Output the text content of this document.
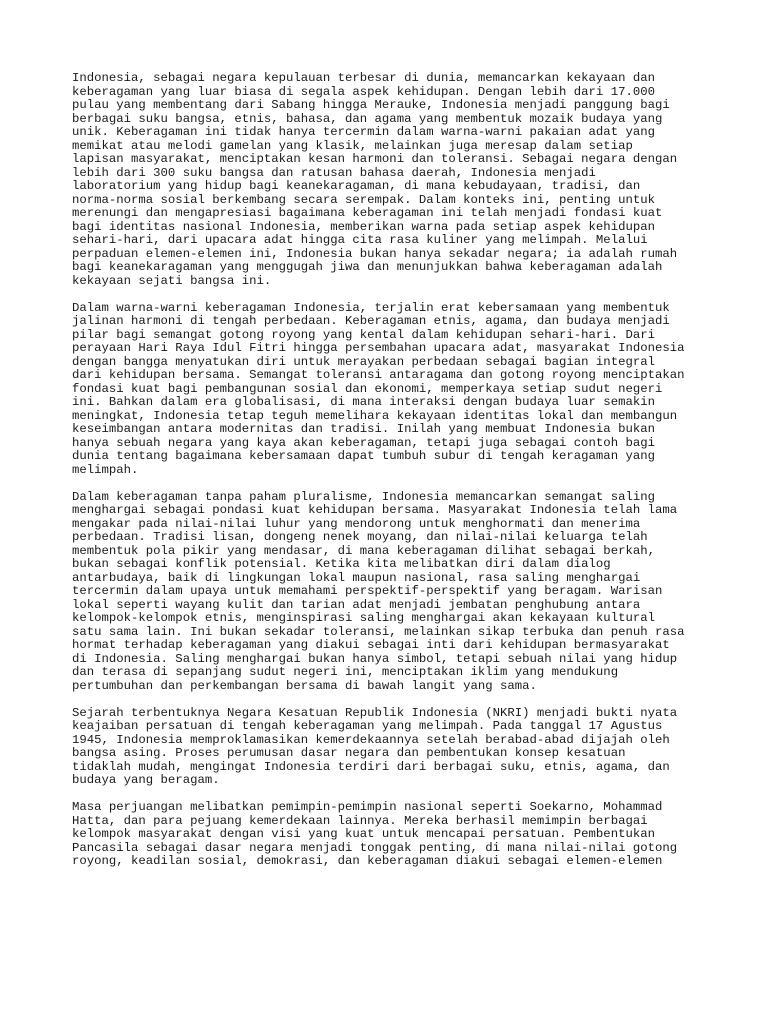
Indonesia, sebagai negara kepulauan terbesar di dunia, memancarkan kekayaan dan
keberagaman yang luar biasa di segala aspek kehidupan. Dengan lebih dari 17.000
pulau yang membentang dari Sabang hingga Merauke, Indonesia menjadi panggung bagi
berbagai suku bangsa, etnis, bahasa, dan agama yang membentuk mozaik budaya yang
unik. Keberagaman ini tidak hanya tercermin dalam warna-warni pakaian adat yang
memikat atau melodi gamelan yang klasik, melainkan juga meresap dalam setiap
lapisan masyarakat, menciptakan kesan harmoni dan toleransi. Sebagai negara dengan
lebih dari 300 suku bangsa dan ratusan bahasa daerah, Indonesia menjadi
laboratorium yang hidup bagi keanekaragaman, di mana kebudayaan, tradisi, dan
norma-norma sosial berkembang secara serempak. Dalam konteks ini, penting untuk
merenungi dan mengapresiasi bagaimana keberagaman ini telah menjadi fondasi kuat
bagi identitas nasional Indonesia, memberikan warna pada setiap aspek kehidupan
sehari-hari, dari upacara adat hingga cita rasa kuliner yang melimpah. Melalui
perpaduan elemen-elemen ini, Indonesia bukan hanya sekadar negara; ia adalah rumah
bagi keanekaragaman yang menggugah jiwa dan menunjukkan bahwa keberagaman adalah
kekayaan sejati bangsa ini.
Dalam warna-warni keberagaman Indonesia, terjalin erat kebersamaan yang membentuk
jalinan harmoni di tengah perbedaan. Keberagaman etnis, agama, dan budaya menjadi
pilar bagi semangat gotong royong yang kental dalam kehidupan sehari-hari. Dari
perayaan Hari Raya Idul Fitri hingga persembahan upacara adat, masyarakat Indonesia
dengan bangga menyatukan diri untuk merayakan perbedaan sebagai bagian integral
dari kehidupan bersama. Semangat toleransi antaragama dan gotong royong menciptakan
fondasi kuat bagi pembangunan sosial dan ekonomi, memperkaya setiap sudut negeri
ini. Bahkan dalam era globalisasi, di mana interaksi dengan budaya luar semakin
meningkat, Indonesia tetap teguh memelihara kekayaan identitas lokal dan membangun
keseimbangan antara modernitas dan tradisi. Inilah yang membuat Indonesia bukan
hanya sebuah negara yang kaya akan keberagaman, tetapi juga sebagai contoh bagi
dunia tentang bagaimana kebersamaan dapat tumbuh subur di tengah keragaman yang
melimpah.
Dalam keberagaman tanpa paham pluralisme, Indonesia memancarkan semangat saling
menghargai sebagai pondasi kuat kehidupan bersama. Masyarakat Indonesia telah lama
mengakar pada nilai-nilai luhur yang mendorong untuk menghormati dan menerima
perbedaan. Tradisi lisan, dongeng nenek moyang, dan nilai-nilai keluarga telah
membentuk pola pikir yang mendasar, di mana keberagaman dilihat sebagai berkah,
bukan sebagai konflik potensial. Ketika kita melibatkan diri dalam dialog
antarbudaya, baik di lingkungan lokal maupun nasional, rasa saling menghargai
tercermin dalam upaya untuk memahami perspektif-perspektif yang beragam. Warisan
lokal seperti wayang kulit dan tarian adat menjadi jembatan penghubung antara
kelompok-kelompok etnis, menginspirasi saling menghargai akan kekayaan kultural
satu sama lain. Ini bukan sekadar toleransi, melainkan sikap terbuka dan penuh rasa
hormat terhadap keberagaman yang diakui sebagai inti dari kehidupan bermasyarakat
di Indonesia. Saling menghargai bukan hanya simbol, tetapi sebuah nilai yang hidup
dan terasa di sepanjang sudut negeri ini, menciptakan iklim yang mendukung
pertumbuhan dan perkembangan bersama di bawah langit yang sama.
Sejarah terbentuknya Negara Kesatuan Republik Indonesia (NKRI) menjadi bukti nyata
keajaiban persatuan di tengah keberagaman yang melimpah. Pada tanggal 17 Agustus
1945, Indonesia memproklamasikan kemerdekaannya setelah berabad-abad dijajah oleh
bangsa asing. Proses perumusan dasar negara dan pembentukan konsep kesatuan
tidaklah mudah, mengingat Indonesia terdiri dari berbagai suku, etnis, agama, dan
budaya yang beragam.
Masa perjuangan melibatkan pemimpin-pemimpin nasional seperti Soekarno, Mohammad
Hatta, dan para pejuang kemerdekaan lainnya. Mereka berhasil memimpin berbagai
kelompok masyarakat dengan visi yang kuat untuk mencapai persatuan. Pembentukan
Pancasila sebagai dasar negara menjadi tonggak penting, di mana nilai-nilai gotong
royong, keadilan sosial, demokrasi, dan keberagaman diakui sebagai elemen-elemen
